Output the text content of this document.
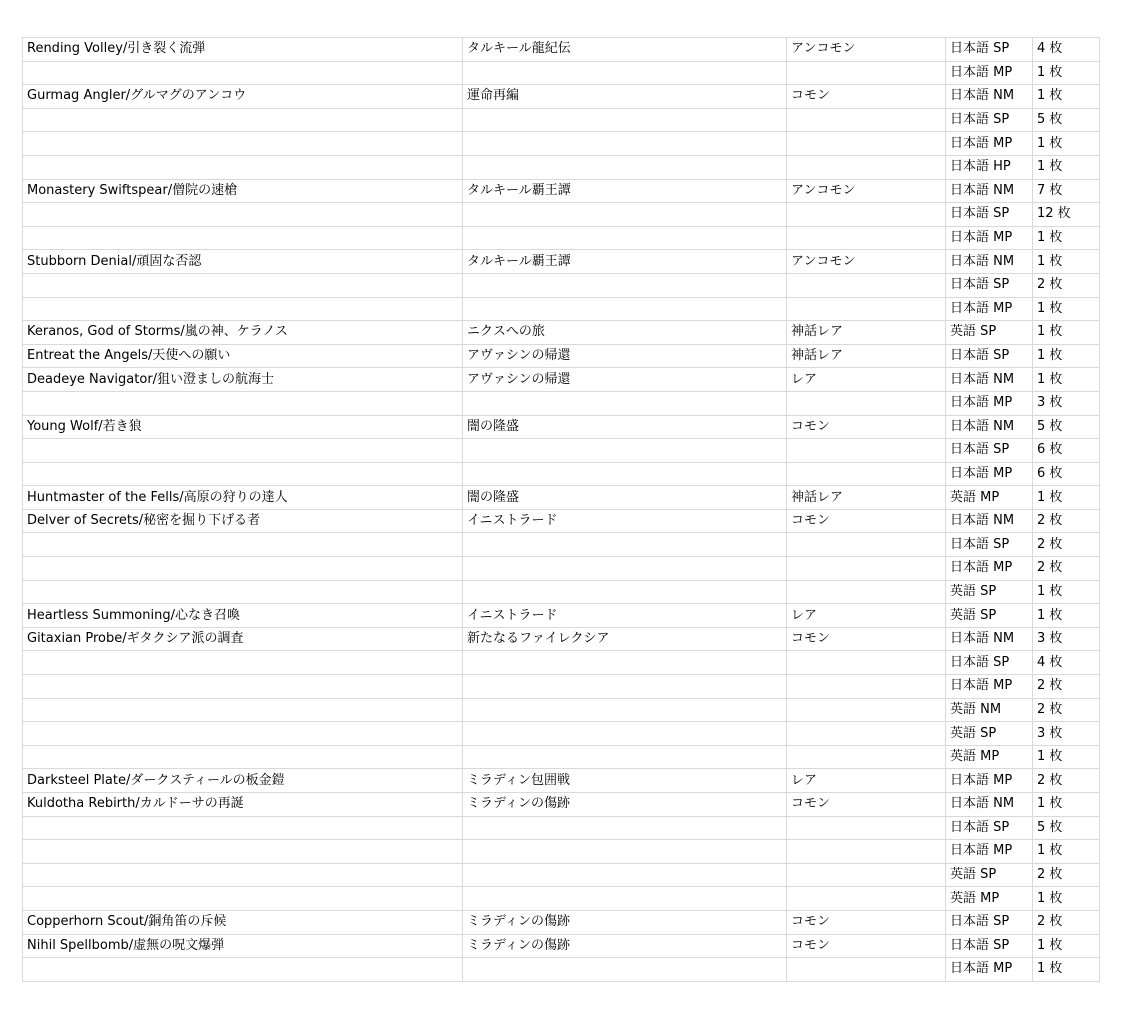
Rending Volley/引き裂く流弾	タルキール龍紀伝	アンコモン	日本語 SP	4 枚
			日本語 MP	1 枚
Gurmag Angler/グルマグのアンコウ	運命再編	コモン	日本語 NM	1 枚
			日本語 SP	5 枚
			日本語 MP	1 枚
			日本語 HP	1 枚
Monastery Swiftspear/僧院の速槍	タルキール覇王譚	アンコモン	日本語 NM	7 枚
			日本語 SP	12 枚
			日本語 MP	1 枚
Stubborn Denial/頑固な否認	タルキール覇王譚	アンコモン	日本語 NM	1 枚
			日本語 SP	2 枚
			日本語 MP	1 枚
Keranos, God of Storms/嵐の神、ケラノス	ニクスへの旅	神話レア	英語 SP	1 枚
Entreat the Angels/天使への願い	アヴァシンの帰還	神話レア	日本語 SP	1 枚
Deadeye Navigator/狙い澄ましの航海士	アヴァシンの帰還	レア	日本語 NM	1 枚
			日本語 MP	3 枚
Young Wolf/若き狼	闇の隆盛	コモン	日本語 NM	5 枚
			日本語 SP	6 枚
			日本語 MP	6 枚
Huntmaster of the Fells/高原の狩りの達人	闇の隆盛	神話レア	英語 MP	1 枚
Delver of Secrets/秘密を掘り下げる者	イニストラード	コモン	日本語 NM	2 枚
			日本語 SP	2 枚
			日本語 MP	2 枚
			英語 SP	1 枚
Heartless Summoning/心なき召喚	イニストラード	レア	英語 SP	1 枚
Gitaxian Probe/ギタクシア派の調査	新たなるファイレクシア	コモン	日本語 NM	3 枚
			日本語 SP	4 枚
			日本語 MP	2 枚
			英語 NM	2 枚
			英語 SP	3 枚
			英語 MP	1 枚
Darksteel Plate/ダークスティールの板金鎧	ミラディン包囲戦	レア	日本語 MP	2 枚
Kuldotha Rebirth/カルドーサの再誕	ミラディンの傷跡	コモン	日本語 NM	1 枚
			日本語 SP	5 枚
			日本語 MP	1 枚
			英語 SP	2 枚
			英語 MP	1 枚
Copperhorn Scout/銅角笛の斥候	ミラディンの傷跡	コモン	日本語 SP	2 枚
Nihil Spellbomb/虚無の呪文爆弾	ミラディンの傷跡	コモン	日本語 SP	1 枚
			日本語 MP	1 枚
